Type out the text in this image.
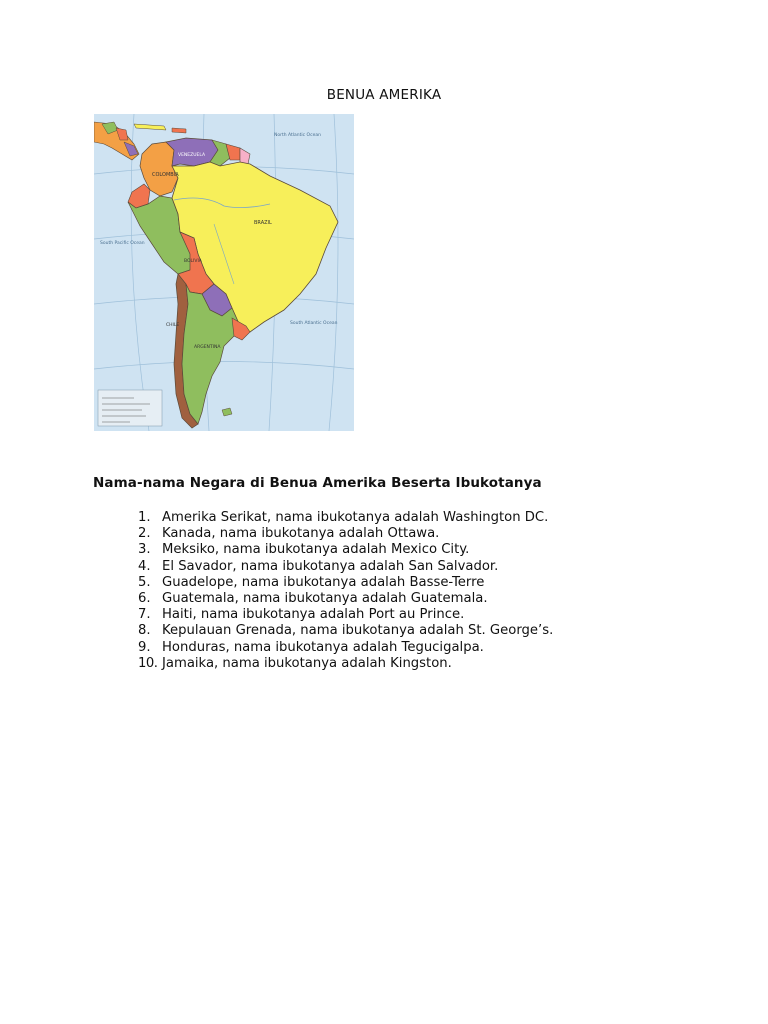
BENUA AMERIKA
COLOMBIA
VENEZUELA
BRAZIL
BOLIVIA
ARGENTINA
CHILE
South Pacific Ocean
South Atlantic Ocean
North Atlantic Ocean
Nama-nama Negara di Benua Amerika Beserta Ibukotanya
1. Amerika Serikat, nama ibukotanya adalah Washington DC.
2. Kanada, nama ibukotanya adalah Ottawa.
3. Meksiko, nama ibukotanya adalah Mexico City.
4. El Savador, nama ibukotanya adalah San Salvador.
5. Guadelope, nama ibukotanya adalah Basse-Terre
6. Guatemala, nama ibukotanya adalah Guatemala.
7. Haiti, nama ibukotanya adalah Port au Prince.
8. Kepulauan Grenada, nama ibukotanya adalah St. George’s.
9. Honduras, nama ibukotanya adalah Tegucigalpa.
10. Jamaika, nama ibukotanya adalah Kingston.
